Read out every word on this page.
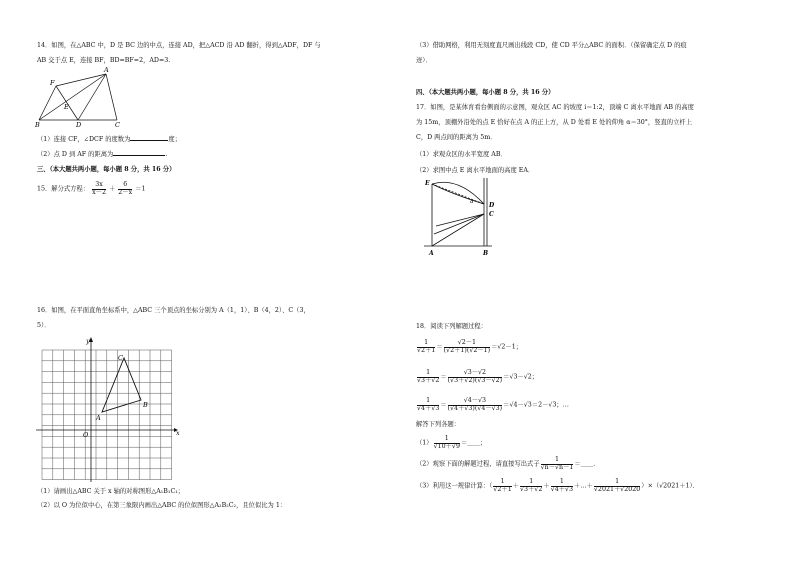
14．如图，在△ABC 中，D 是 BC 边的中点，连接 AD，把△ACD 沿 AD 翻折，得到△ADF，DF 与
AB 交于点 E，连接 BF，BD=BF=2，AD=3.
A
F
E
B	D	C
（1）连接 CF，∠DCF 的度数为	度；
（2）点 D 到 AF 的距离为	.
三、（本大题共两小题，每小题 8 分，共 16 分）
15．解分式方程： $\frac{3x}{x-2} + \frac{6}{2-x} =1$
16．如图，在平面直角坐标系中，△ABC 三个顶点的坐标分别为 A（1，1）、B（4，2）、C（3，
5）．
y
x
O
A
B
C
（1）请画出△ABC 关于 x 轴的对称图形△A₁B₁C₁；
（2）以 O 为位似中心，在第三象限内画出△ABC 的位似图形△A₂B₂C₂，且位似比为 1：
（3）借助网格，利用无刻度直尺画出线段 CD，使 CD 平分△ABC 的面积．（保留确定点 D 的痕
迹）．
四、（本大题共两小题，每小题 8 分，共 16 分）
17．如图，是某体育看台侧面的示意图，观众区 AC 的坡度 i＝1:2，顶端 C 离水平地面 AB 的高度
为 15m，顶棚外沿处的点 E 恰好在点 A 的正上方，从 D 处看 E 处的仰角 α＝30°，竖直的立杆上
C，D 两点间的距离为 5m．
（1）求观众区的水平宽度 AB．
（2）求图中点 E 离水平地面的高度 EA．
E
D
C
α
A	B
18．阅读下列解题过程：
$\frac{1}{√2+1} = \frac{√2-1}{(√2+1)(√2-1)} =√2-1$；
$\frac{1}{√3+√2} = \frac{√3-√2}{(√3+√2)(√3-√2)} =√3-√2$；
$\frac{1}{√4+√3} = \frac{√4-√3}{(√4+√3)(√4-√3)} =√4-√3=2-√3$；…
解答下列各题：
$(1) \frac{1}{√10+√9}$ ＝____；
（2）观察下面的解题过程，请直接写出式子 $\frac{1}{√n-√n-1}$ ＝____．
（3）利用这一规律计算：（ $\frac{1}{√2+1} + \frac{1}{√3+√2} + \frac{1}{√4+√3}$ ＋…＋ $\frac{1}{√2021+√2020} )\times(√2021+1)$．
